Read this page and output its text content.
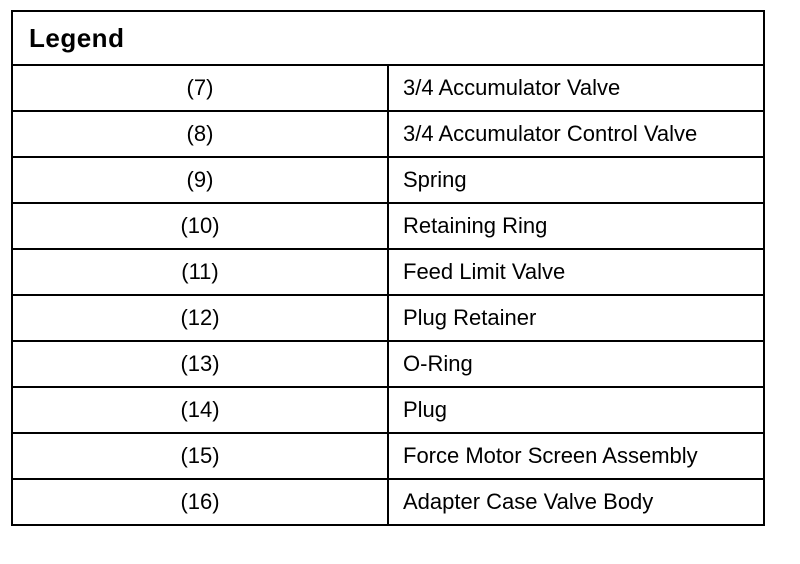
Legend	
(7)	3/4 Accumulator Valve
(8)	3/4 Accumulator Control Valve
(9)	Spring
(10)	Retaining Ring
(11)	Feed Limit Valve
(12)	Plug Retainer
(13)	O-Ring
(14)	Plug
(15)	Force Motor Screen Assembly
(16)	Adapter Case Valve Body
